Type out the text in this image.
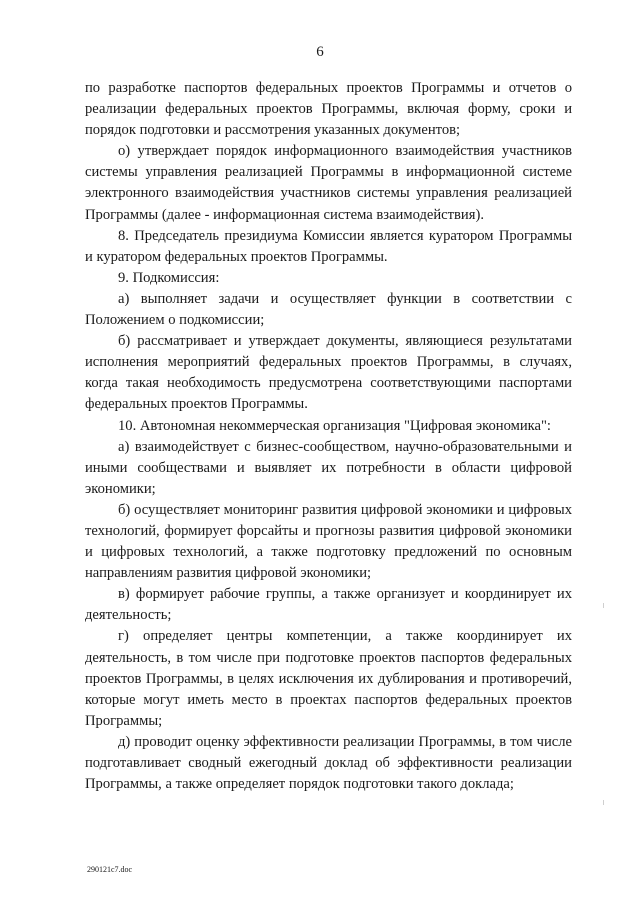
6

по разработке паспортов федеральных проектов Программы и отчетов о реализации федеральных проектов Программы, включая форму, сроки и порядок подготовки и рассмотрения указанных документов;

о) утверждает порядок информационного взаимодействия участников системы управления реализацией Программы в информационной системе электронного взаимодействия участников системы управления реализацией Программы (далее - информационная система взаимодействия).

8. Председатель президиума Комиссии является куратором Программы и куратором федеральных проектов Программы.

9. Подкомиссия:

а) выполняет задачи и осуществляет функции в соответствии с Положением о подкомиссии;

б) рассматривает и утверждает документы, являющиеся результатами исполнения мероприятий федеральных проектов Программы, в случаях, когда такая необходимость предусмотрена соответствующими паспортами федеральных проектов Программы.

10. Автономная некоммерческая организация "Цифровая экономика":

а) взаимодействует с бизнес-сообществом, научно-образовательными и иными сообществами и выявляет их потребности в области цифровой экономики;

б) осуществляет мониторинг развития цифровой экономики и цифровых технологий, формирует форсайты и прогнозы развития цифровой экономики и цифровых технологий, а также подготовку предложений по основным направлениям развития цифровой экономики;

в) формирует рабочие группы, а также организует и координирует их деятельность;

г) определяет центры компетенции, а также координирует их деятельность, в том числе при подготовке проектов паспортов федеральных проектов Программы, в целях исключения их дублирования и противоречий, которые могут иметь место в проектах паспортов федеральных проектов Программы;

д) проводит оценку эффективности реализации Программы, в том числе подготавливает сводный ежегодный доклад об эффективности реализации Программы, а также определяет порядок подготовки такого доклада;

290121c7.doc
